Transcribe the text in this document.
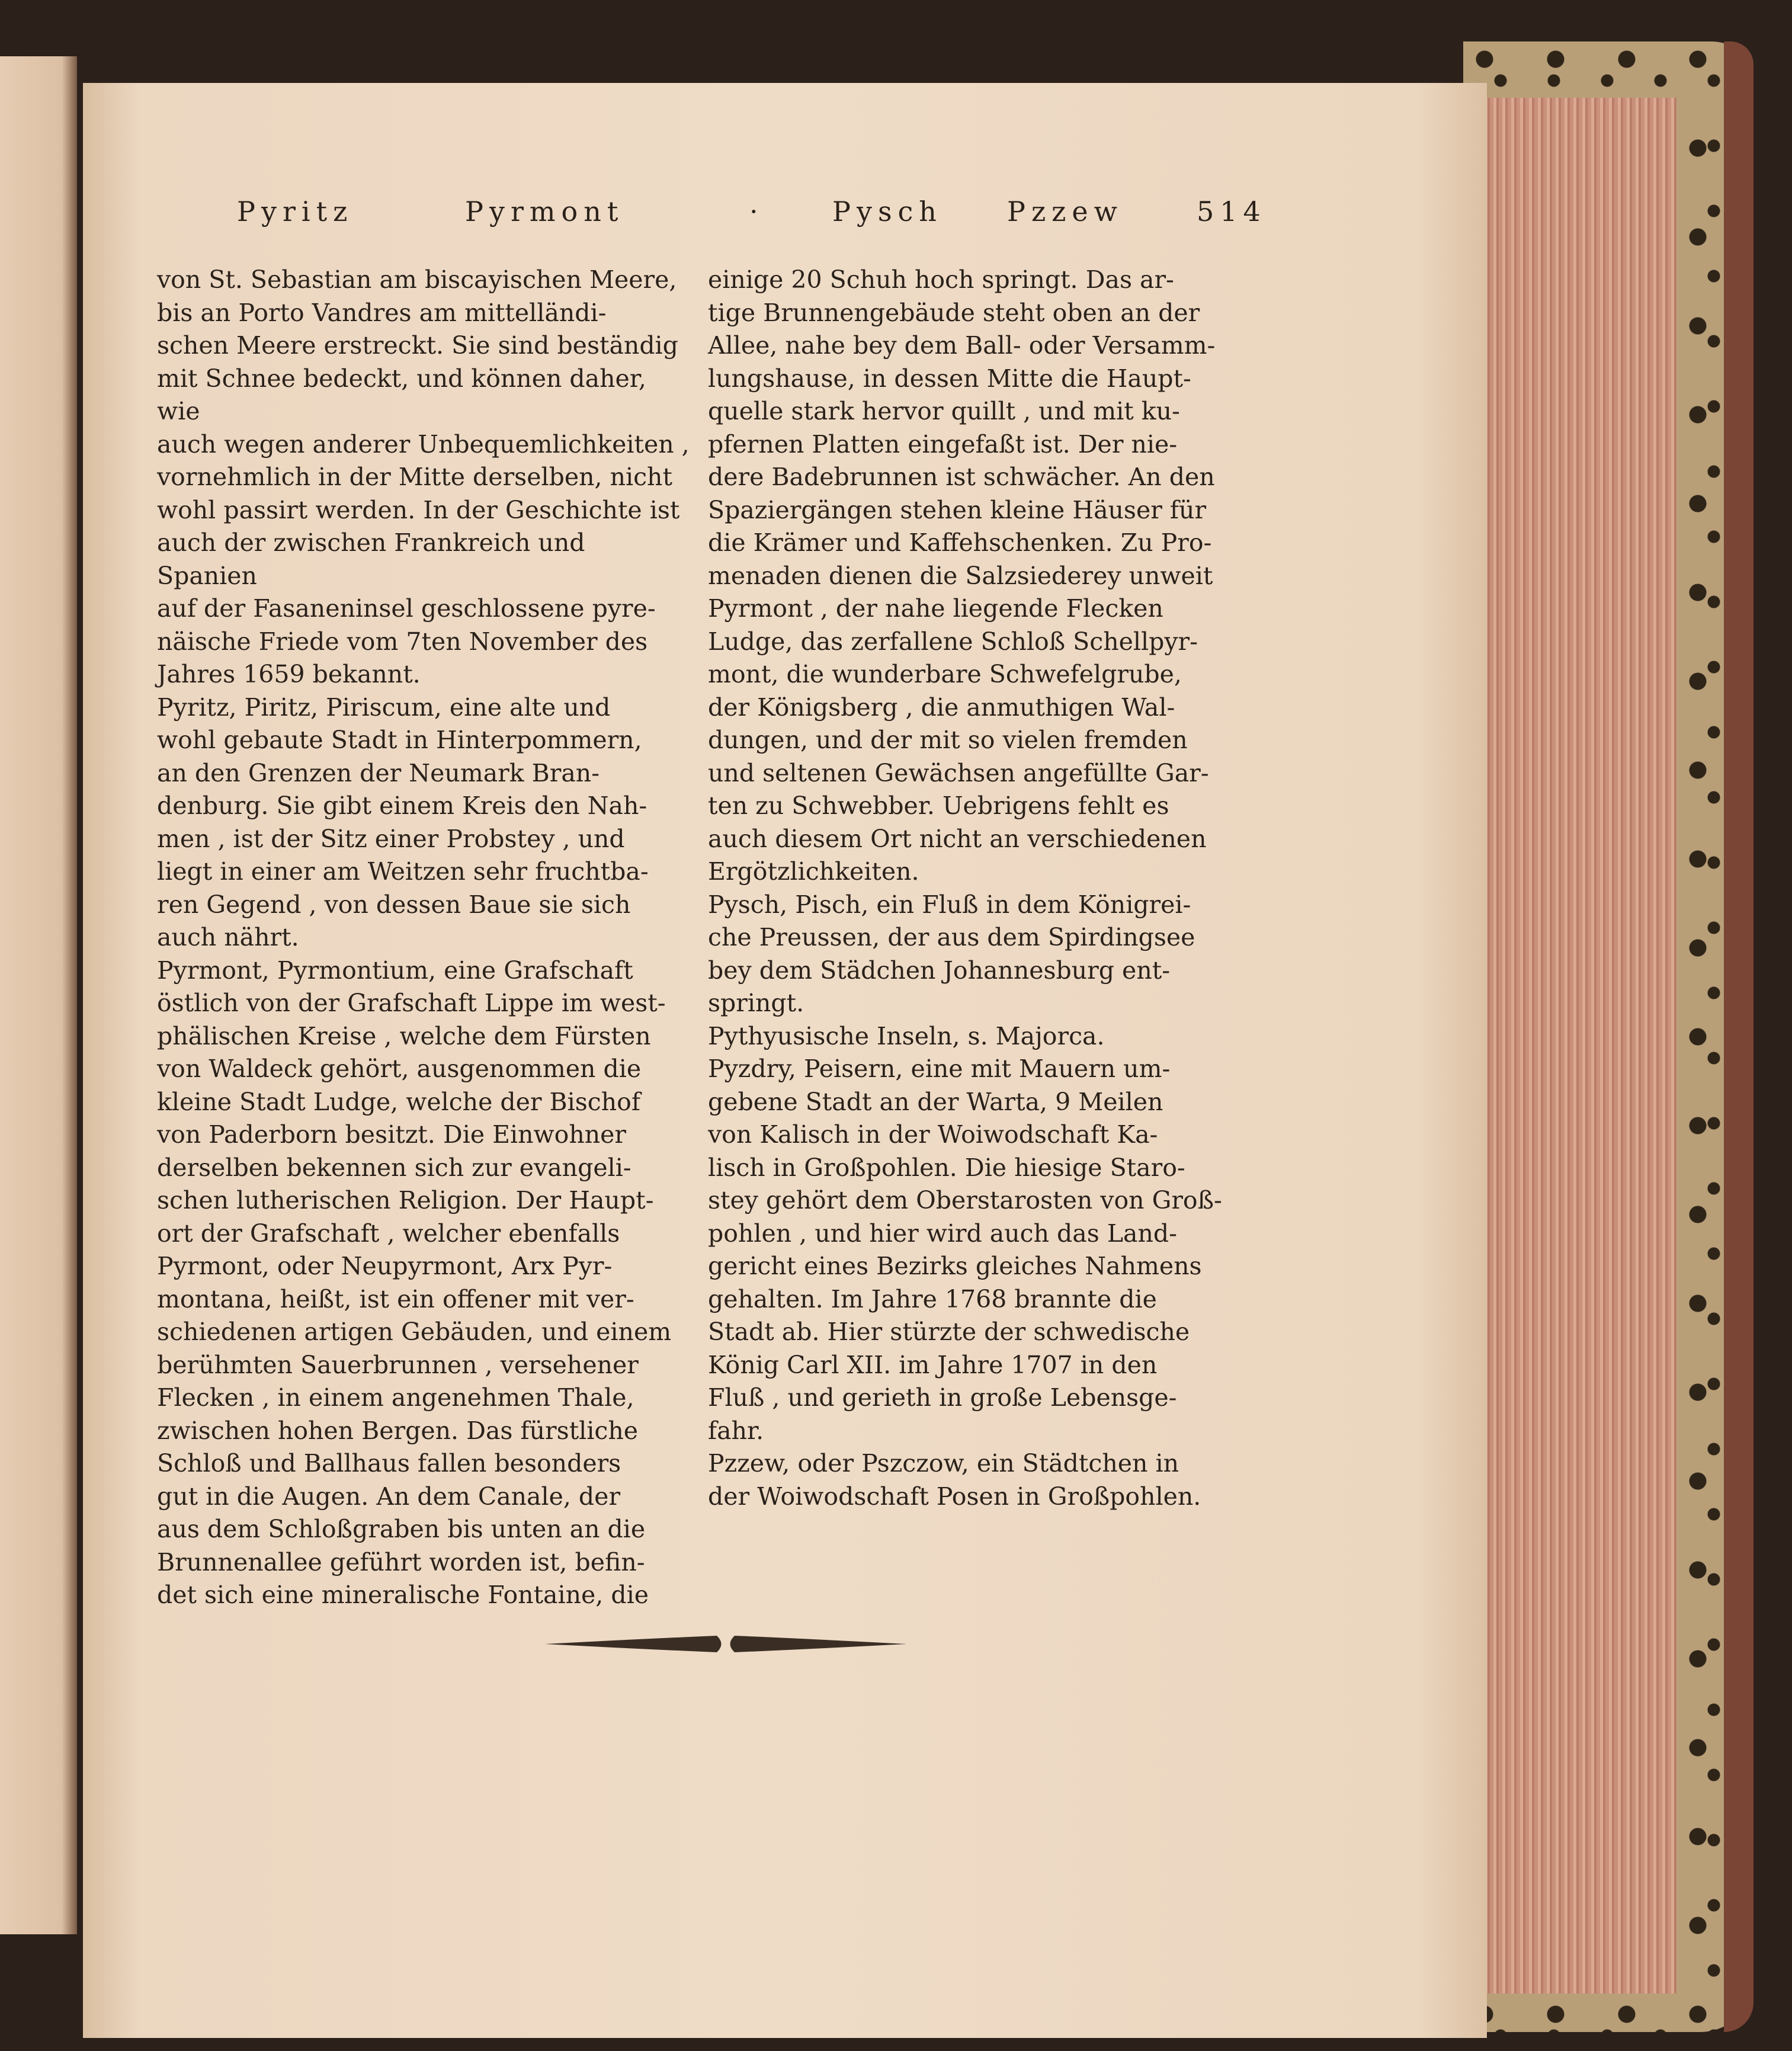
Pyritz	Pyrmont	·	Pysch Pzzew	514

von St. Sebastian am biscayischen Meere,

bis an Porto Vandres am mittelländi-

schen Meere erstreckt. Sie sind beständig

mit Schnee bedeckt, und können daher, wie

auch wegen anderer Unbequemlichkeiten ,

vornehmlich in der Mitte derselben, nicht

wohl passirt werden. In der Geschichte ist

auch der zwischen Frankreich und Spanien

auf der Fasaneninsel geschlossene pyre-

näische Friede vom 7ten November des

Jahres 1659 bekannt.

Pyritz, Piritz, Piriscum, eine alte und

wohl gebaute Stadt in Hinterpommern,

an den Grenzen der Neumark Bran-

denburg. Sie gibt einem Kreis den Nah-

men , ist der Sitz einer Probstey , und

liegt in einer am Weitzen sehr fruchtba-

ren Gegend , von dessen Baue sie sich

auch nährt.

Pyrmont, Pyrmontium, eine Grafschaft

östlich von der Grafschaft Lippe im west-

phälischen Kreise , welche dem Fürsten

von Waldeck gehört, ausgenommen die

kleine Stadt Ludge, welche der Bischof

von Paderborn besitzt. Die Einwohner

derselben bekennen sich zur evangeli-

schen lutherischen Religion. Der Haupt-

ort der Grafschaft , welcher ebenfalls

Pyrmont, oder Neupyrmont, Arx Pyr-

montana, heißt, ist ein offener mit ver-

schiedenen artigen Gebäuden, und einem

berühmten Sauerbrunnen , versehener

Flecken , in einem angenehmen Thale,

zwischen hohen Bergen. Das fürstliche

Schloß und Ballhaus fallen besonders

gut in die Augen. An dem Canale, der

aus dem Schloßgraben bis unten an die

Brunnenallee geführt worden ist, befin-

det sich eine mineralische Fontaine, die

einige 20 Schuh hoch springt. Das ar-

tige Brunnengebäude steht oben an der

Allee, nahe bey dem Ball- oder Versamm-

lungshause, in dessen Mitte die Haupt-

quelle stark hervor quillt , und mit ku-

pfernen Platten eingefaßt ist. Der nie-

dere Badebrunnen ist schwächer. An den

Spaziergängen stehen kleine Häuser für

die Krämer und Kaffehschenken. Zu Pro-

menaden dienen die Salzsiederey unweit

Pyrmont , der nahe liegende Flecken

Ludge, das zerfallene Schloß Schellpyr-

mont, die wunderbare Schwefelgrube,

der Königsberg , die anmuthigen Wal-

dungen, und der mit so vielen fremden

und seltenen Gewächsen angefüllte Gar-

ten zu Schwebber. Uebrigens fehlt es

auch diesem Ort nicht an verschiedenen

Ergötzlichkeiten.

Pysch, Pisch, ein Fluß in dem Königrei-

che Preussen, der aus dem Spirdingsee

bey dem Städchen Johannesburg ent-

springt.

Pythyusische Inseln, s. Majorca.

Pyzdry, Peisern, eine mit Mauern um-

gebene Stadt an der Warta, 9 Meilen

von Kalisch in der Woiwodschaft Ka-

lisch in Großpohlen. Die hiesige Staro-

stey gehört dem Oberstarosten von Groß-

pohlen , und hier wird auch das Land-

gericht eines Bezirks gleiches Nahmens

gehalten. Im Jahre 1768 brannte die

Stadt ab. Hier stürzte der schwedische

König Carl XII. im Jahre 1707 in den

Fluß , und gerieth in große Lebensge-

fahr.

Pzzew, oder Pszczow, ein Städtchen in

der Woiwodschaft Posen in Großpohlen.
